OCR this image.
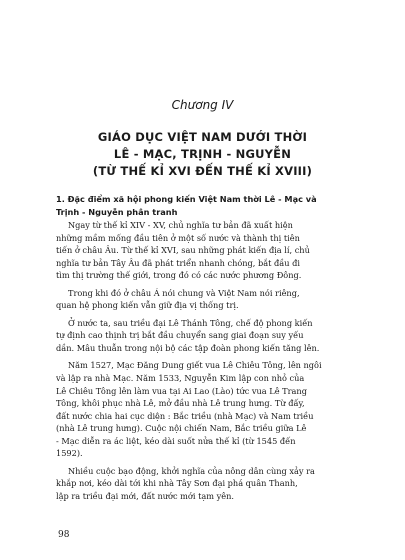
Chương IV
GIÁO DỤC VIỆT NAM DƯỚI THỜI
LÊ - MẠC, TRỊNH - NGUYỄN
(TỪ THẾ KỈ XVI ĐẾN THẾ KỈ XVIII)
1. Đặc điểm xã hội phong kiến Việt Nam thời Lê - Mạc và
Trịnh - Nguyễn phân tranh

Ngay từ thế kỉ XIV - XV, chủ nghĩa tư bản đã xuất hiện
những mầm mống đầu tiên ở một số nước và thành thị tiên
tiến ở châu Âu. Từ thế kỉ XVI, sau những phát kiến địa lí, chủ
nghĩa tư bản Tây Âu đã phát triển nhanh chóng, bắt đầu đi
tìm thị trường thế giới, trong đó có các nước phương Đông.

Trong khi đó ở châu Á nói chung và Việt Nam nói riêng,
quan hệ phong kiến vẫn giữ địa vị thống trị.

Ở nước ta, sau triều đại Lê Thánh Tông, chế độ phong kiến
tự định cao thịnh trị bắt đầu chuyển sang giai đoạn suy yếu
dần. Mâu thuẫn trong nội bộ các tập đoàn phong kiến tăng lên.

Năm 1527, Mạc Đăng Dung giết vua Lê Chiêu Tông, lên ngôi
và lập ra nhà Mạc. Năm 1533, Nguyễn Kim lập con nhỏ của
Lê Chiêu Tông lên làm vua tại Ai Lao (Lào) tức vua Lê Trang
Tông, khôi phục nhà Lê, mở đầu nhà Lê trung hưng. Từ đấy,
đất nước chia hai cục diện : Bắc triều (nhà Mạc) và Nam triều
(nhà Lê trung hưng). Cuộc nội chiến Nam, Bắc triều giữa Lê
- Mạc diễn ra ác liệt, kéo dài suốt nửa thế kỉ (từ 1545 đến
1592).

Nhiều cuộc bạo động, khởi nghĩa của nông dân cùng xảy ra
khắp nơi, kéo dài tới khi nhà Tây Sơn đại phá quân Thanh,
lập ra triều đại mới, đất nước mới tạm yên.

98
